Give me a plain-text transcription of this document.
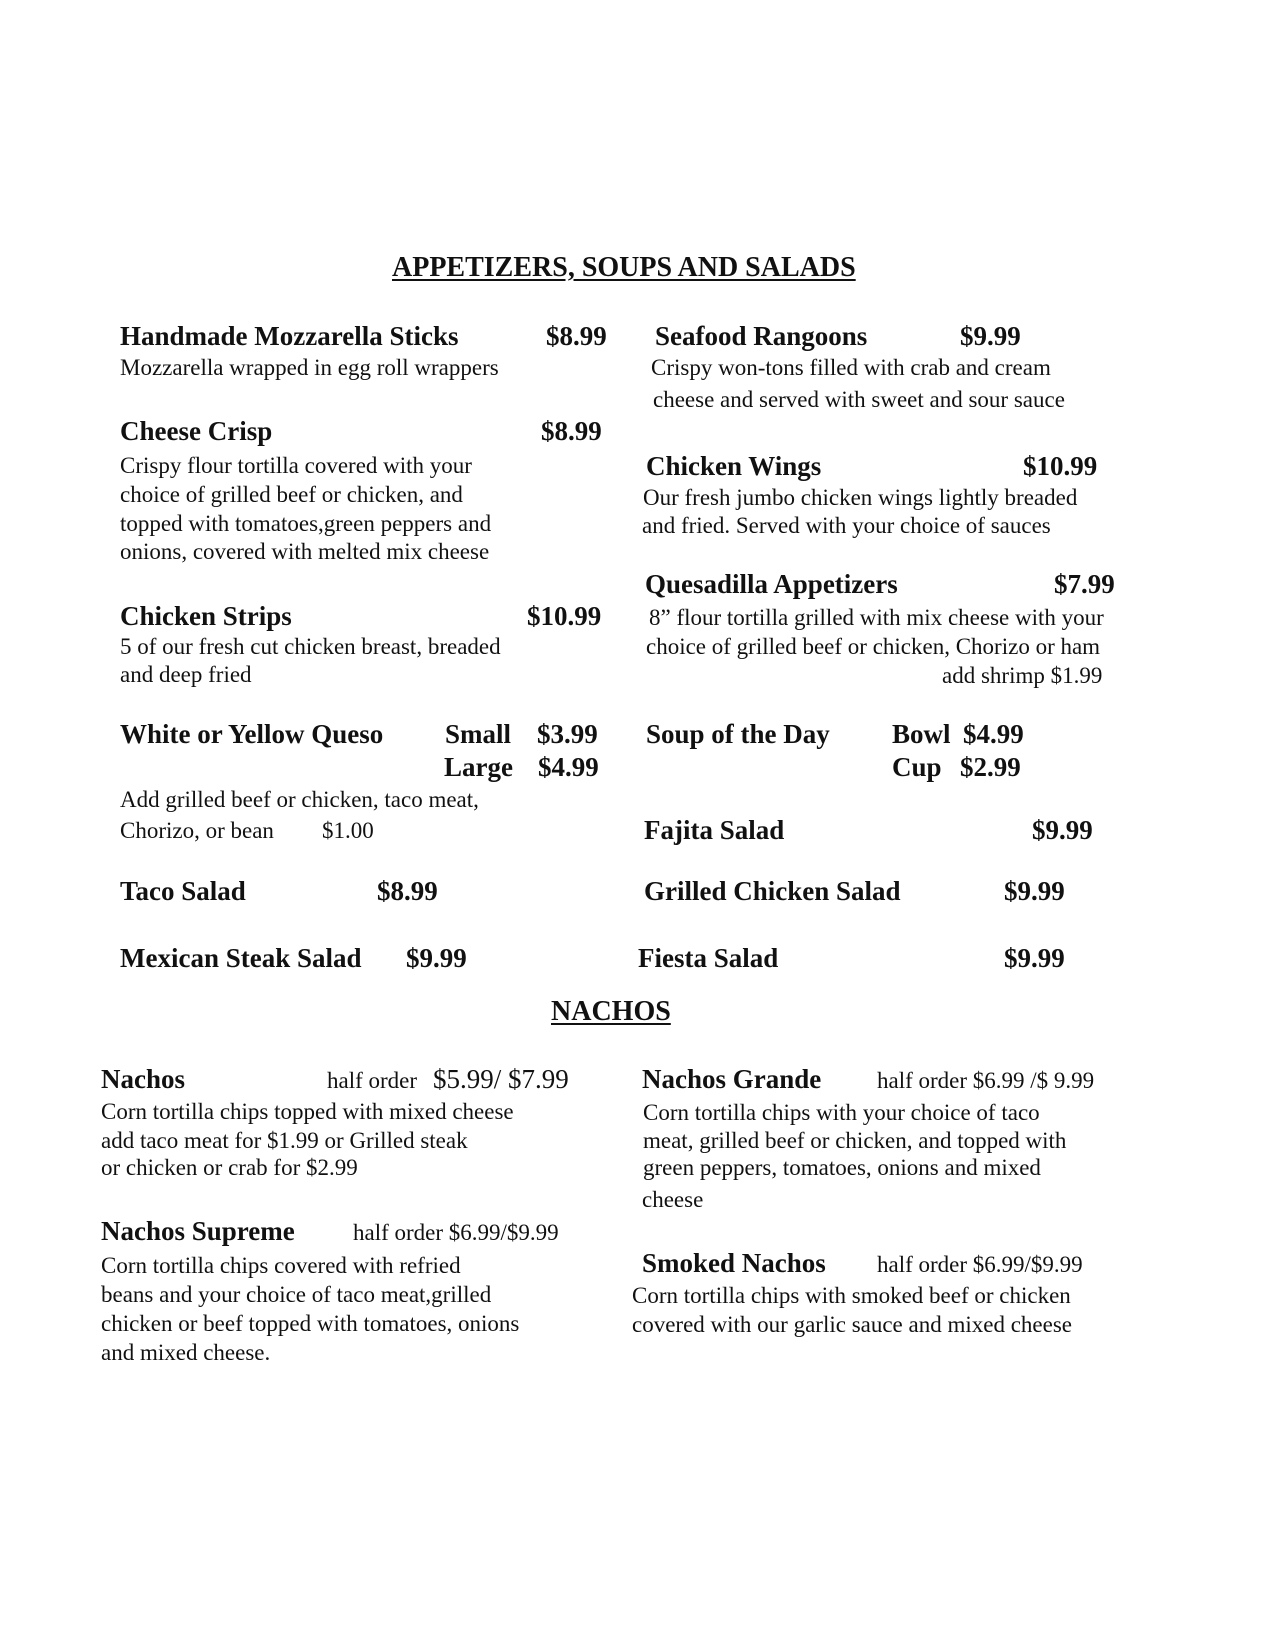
APPETIZERS, SOUPS AND SALADS
NACHOS
Handmade Mozzarella Sticks	$8.99
Mozzarella wrapped in egg roll wrappers
Seafood Rangoons	$9.99
Crispy won-tons filled with crab and cream
cheese and served with sweet and sour sauce
Cheese Crisp	$8.99
Crispy flour tortilla covered with your
choice of grilled beef or chicken, and
topped with tomatoes,green peppers and
onions, covered with melted mix cheese
Chicken Wings	$10.99
Our fresh jumbo chicken wings lightly breaded
and fried. Served with your choice of sauces
Quesadilla Appetizers	$7.99
8” flour tortilla grilled with mix cheese with your
choice of grilled beef or chicken, Chorizo or ham
add shrimp $1.99
Chicken Strips	$10.99
5 of our fresh cut chicken breast, breaded
and deep fried
White or Yellow Queso Small $3.99
Large $4.99
Add grilled beef or chicken, taco meat,
Chorizo, or bean $1.00
Soup of the Day Bowl $4.99
Cup $2.99
Fajita Salad	$9.99
Taco Salad	$8.99	Grilled Chicken Salad	$9.99
Mexican Steak Salad $9.99	Fiesta Salad	$9.99
Nachos	half order $5.99/ $7.99
Corn tortilla chips topped with mixed cheese
add taco meat for $1.99 or Grilled steak
or chicken or crab for $2.99
Nachos Grande half order $6.99 /$ 9.99
Corn tortilla chips with your choice of taco
meat, grilled beef or chicken, and topped with
green peppers, tomatoes, onions and mixed
cheese
Nachos Supreme	half order $6.99/$9.99
Corn tortilla chips covered with refried
beans and your choice of taco meat,grilled
chicken or beef topped with tomatoes, onions
and mixed cheese.
Smoked Nachos half order $6.99/$9.99
Corn tortilla chips with smoked beef or chicken
covered with our garlic sauce and mixed cheese
